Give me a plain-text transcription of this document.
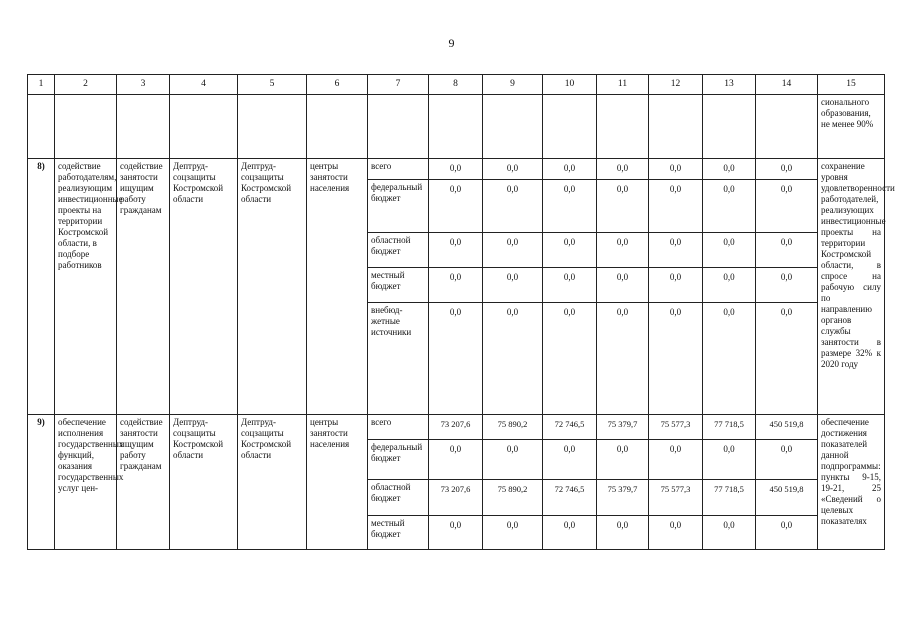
9
1	2	3	4	5	6	7	8	9	10	11	12	13	14	15
														сионального образования, не менее 90%
8)	содействие работодателям, реализующим инвестиционные проекты на территории Костромской области, в подборе работников	содействие занятости ищущим работу гражданам	Дептрудсоцзащиты Костромской области	Дептрудсоцзащиты Костромской области	центры занятости населения	всего	0,0	0,0	0,0	0,0	0,0	0,0	0,0	сохранение уровня удовлетворенности работодателей, реализующих инвестиционные проекты на территории Костромской области, в спросе на рабочую силу по направлению органов службы занятости в размере 32% к 2020 году
						федеральный бюджет	0,0	0,0	0,0	0,0	0,0	0,0	0,0	
						областной бюджет	0,0	0,0	0,0	0,0	0,0	0,0	0,0	
						местный бюджет	0,0	0,0	0,0	0,0	0,0	0,0	0,0	
						внебюджетные источники	0,0	0,0	0,0	0,0	0,0	0,0	0,0	
9)	обеспечение исполнения государственных функций, оказания государственных услуг цен-	содействие занятости ищущим работу гражданам	Дептрудсоцзащиты Костромской области	Дептрудсоцзащиты Костромской области	центры занятости населения	всего	73 207,6	75 890,2	72 746,5	75 379,7	75 577,3	77 718,5	450 519,8	обеспечение достижения показателей данной подпрограммы: пункты 9-15, 19-21, 25 «Сведений о целевых показателях
						федеральный бюджет	0,0	0,0	0,0	0,0	0,0	0,0	0,0	
						областной бюджет	73 207,6	75 890,2	72 746,5	75 379,7	75 577,3	77 718,5	450 519,8	
						местный бюджет	0,0	0,0	0,0	0,0	0,0	0,0	0,0	
